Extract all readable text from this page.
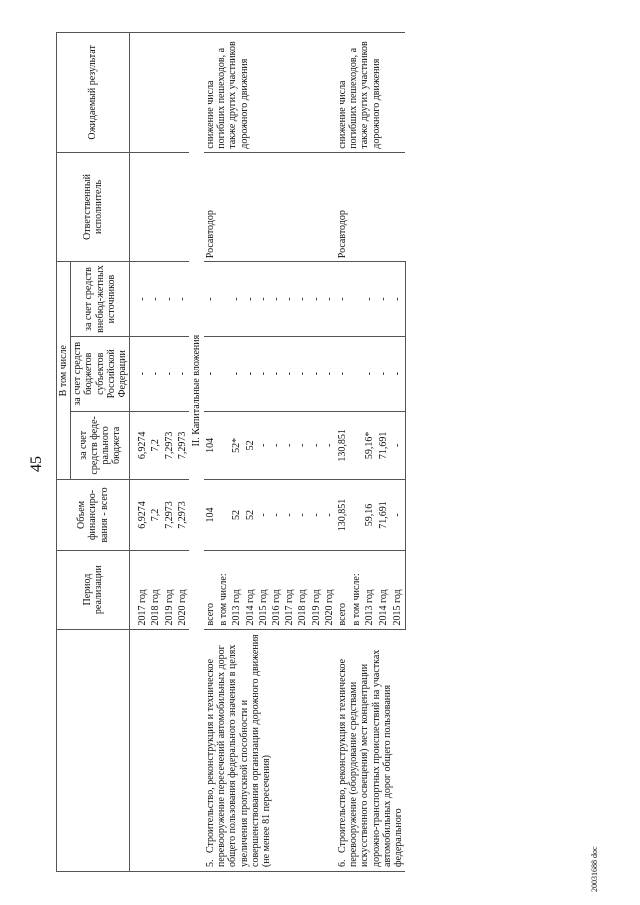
45
	Период реализации	Объем финансиро-вания - всего	В том числе			Ответственный исполнитель	Ожидаемый результат
			за счет средств феде-рального бюджета	за счет средств бюджетов субъектов Российской Федерации	за счет средств внебюд-жетных источников		

	2017 год	6,9274	6,9274	-	-		
	2018 год	7,2	7,2	-	-		
	2019 год	7,2973	7,2973	-	-		
	2020 год	7,2973	7,2973	-	-		
	II. Капитальные вложения						
5.Строительство, реконструкция и техническое перевооружение пересечений автомобильных дорог общего пользования федерального значения в целях увеличения пропускной способности и совершенствования организации дорожного движения (не менее 81 пересечения)	всего	104	104	-	-	Росавтодор	снижение числа погибших пешеходов, а также других участников дорожного движения
	в том числе:						
	2013 год	52	52*	-	-		
	2014 год	52	52	-	-		
	2015 год	-	-	-	-		
	2016 год	-	-	-	-		
	2017 год	-	-	-	-		
	2018 год	-	-	-	-		
	2019 год	-	-	-	-		
	2020 год	-	-	-	-		
6.Строительство, реконструкция и техническое перевооружение (оборудование средствами искусственного освещения) мест концентрации дорожно-транспортных происшествий на участках автомобильных дорог общего пользования федерального	всего	130,851	130,851	-	-	Росавтодор	снижение числа погибших пешеходов, а также других участников дорожного движения
	в том числе:						
	2013 год	59,16	59,16*	-	-		
	2014 год	71,691	71,691	-	-		
	2015 год	-	-	-	-		
20031688 doc
